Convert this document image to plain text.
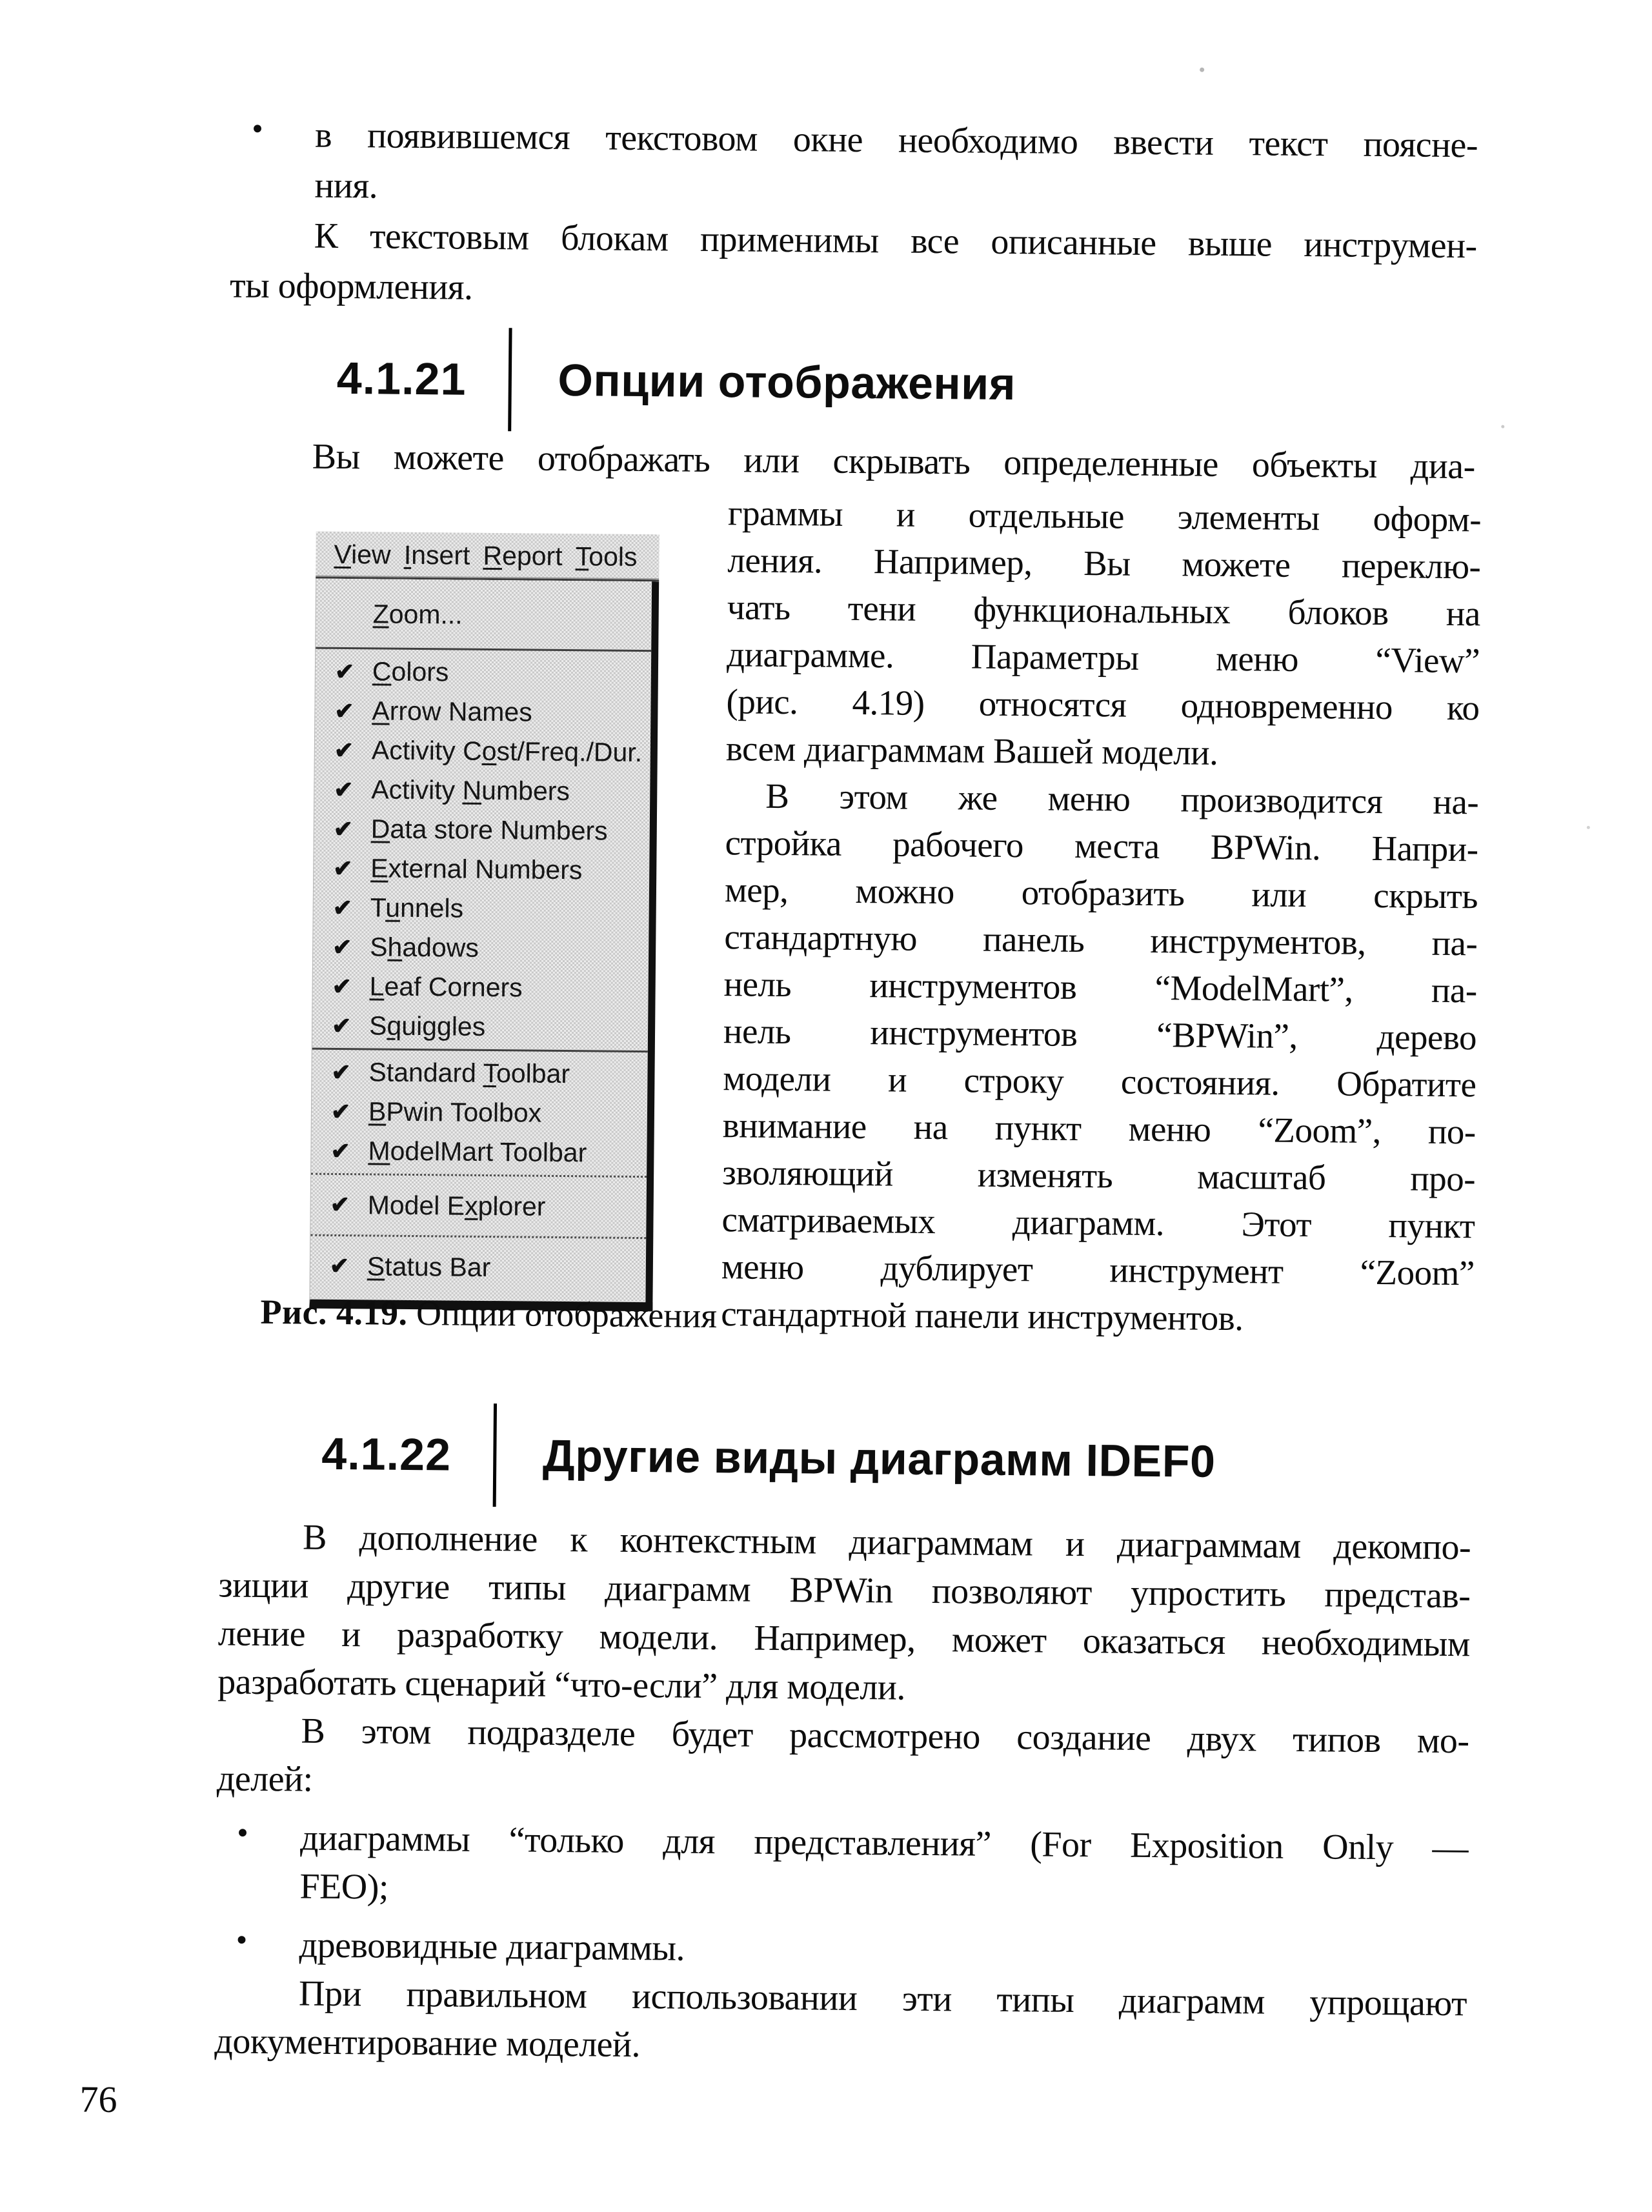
• в появившемся текстовом окне необходимо ввести текст поясне-
ния.
К текстовым блокам применимы все описанные выше инструмен-
ты оформления.
4.1.21 Опции отображения
Вы можете отображать или скрывать определенные объекты диа-
граммы и отдельные элементы оформ-
ления. Например, Вы можете переклю-
чать тени функциональных блоков на
диаграмме. Параметры меню “View”
(рис. 4.19) относятся одновременно ко
всем диаграммам Вашей модели.
В этом же меню производится на-
стройка рабочего места BPWin. Напри-
мер, можно отобразить или скрыть
стандартную панель инструментов, па-
нель инструментов “ModelMart”, па-
нель инструментов “BPWin”, дерево
модели и строку состояния. Обратите
внимание на пункт меню “Zoom”, по-
зволяющий изменять масштаб про-
сматриваемых диаграмм. Этот пункт
меню дублирует инструмент “Zoom”
стандартной панели инструментов.
View Insert Report Tools
Zoom...
✔ Colors
✔ Arrow Names
✔ Activity Cost/Freq./Dur.
✔ Activity Numbers
✔ Data store Numbers
✔ External Numbers
✔ Tunnels
✔ Shadows
✔ Leaf Corners
✔ Squiggles
✔ Standard Toolbar
✔ BPwin Toolbox
✔ ModelMart Toolbar
✔ Model Explorer
✔ Status Bar
Рис. 4.19. Опции отображения
4.1.22 Другие виды диаграмм IDEF0
В дополнение к контекстным диаграммам и диаграммам декомпо-
зиции другие типы диаграмм BPWin позволяют упростить представ-
ление и разработку модели. Например, может оказаться необходимым
разработать сценарий “что-если” для модели.
В этом подразделе будет рассмотрено создание двух типов мо-
делей:
• диаграммы “только для представления” (For Exposition Only —
FEO);
• древовидные диаграммы.
При правильном использовании эти типы диаграмм упрощают
документирование моделей.
76
